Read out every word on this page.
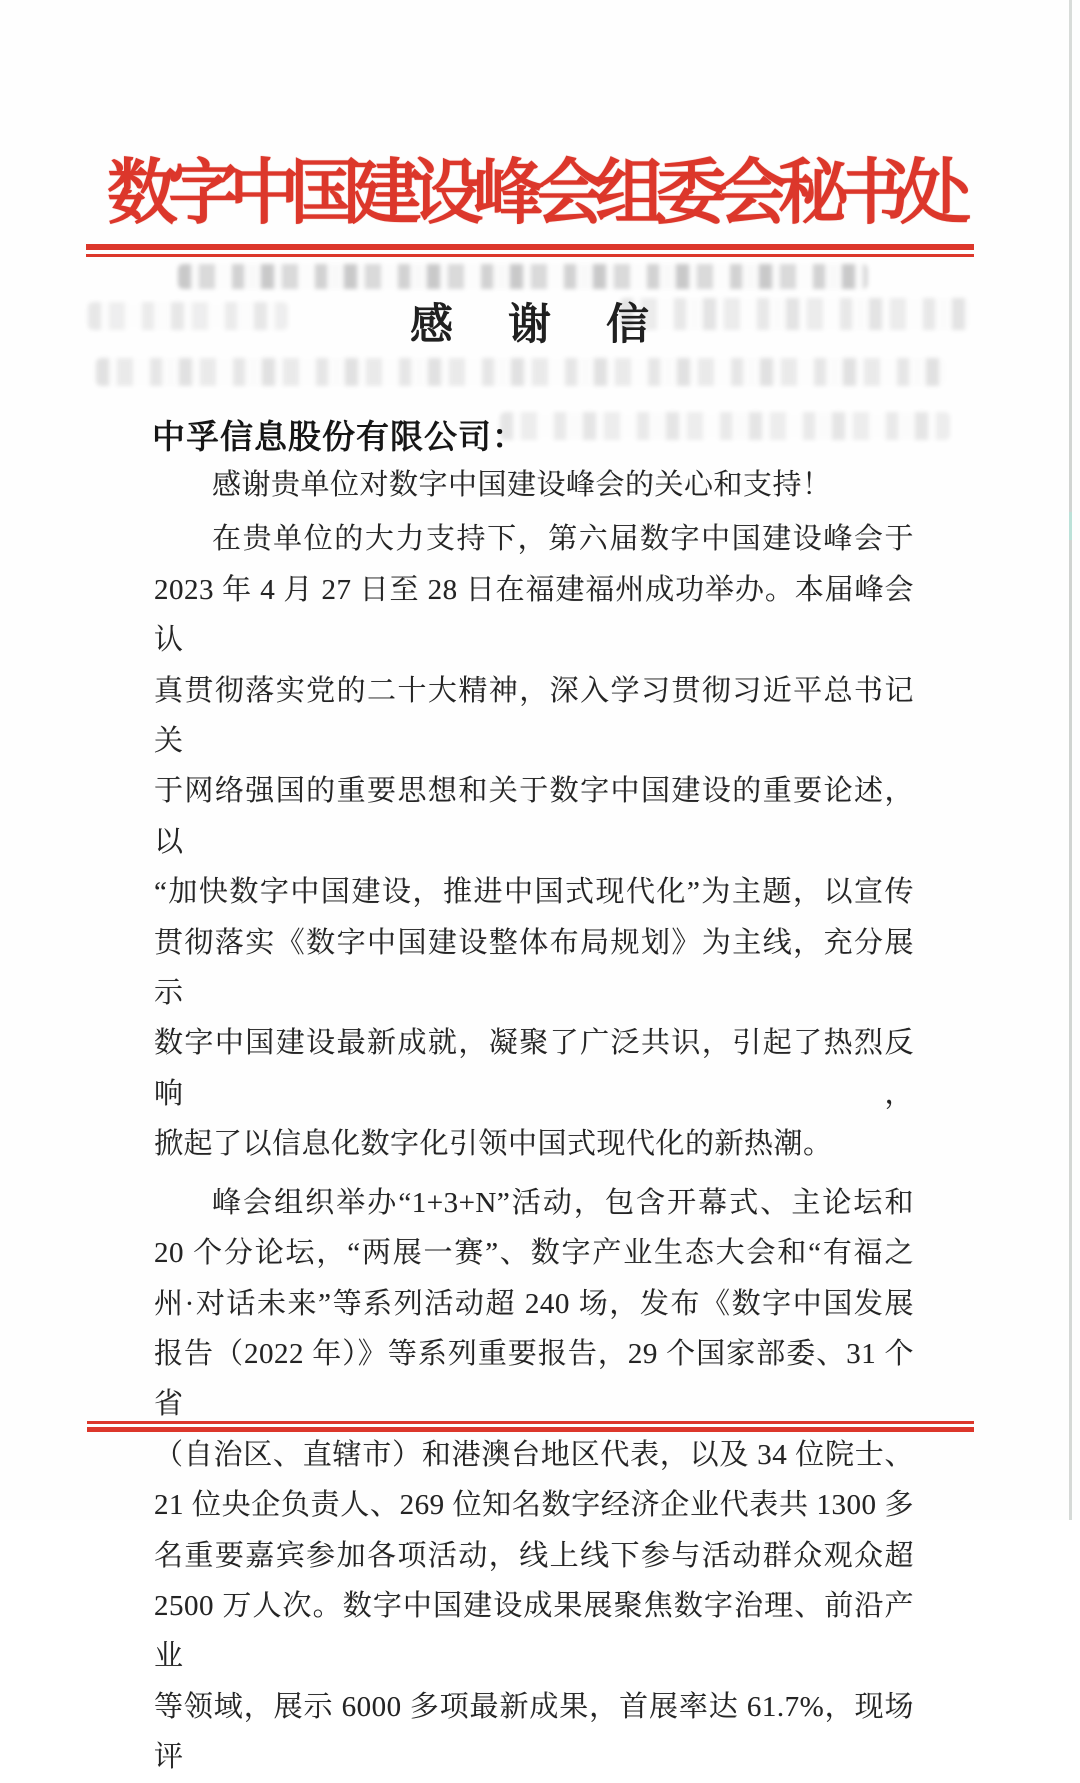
数字中国建设峰会组委会秘书处
感谢信
中孚信息股份有限公司：
感谢贵单位对数字中国建设峰会的关心和支持！
在贵单位的大力支持下，第六届数字中国建设峰会于
2023 年 4 月 27 日至 28 日在福建福州成功举办。本届峰会认
真贯彻落实党的二十大精神，深入学习贯彻习近平总书记关
于网络强国的重要思想和关于数字中国建设的重要论述，以
“加快数字中国建设，推进中国式现代化”为主题，以宣传
贯彻落实《数字中国建设整体布局规划》为主线，充分展示
数字中国建设最新成就，凝聚了广泛共识，引起了热烈反响，
掀起了以信息化数字化引领中国式现代化的新热潮。
峰会组织举办“1+3+N”活动，包含开幕式、主论坛和
20 个分论坛，“两展一赛”、数字产业生态大会和“有福之
州·对话未来”等系列活动超 240 场，发布《数字中国发展
报告（2022 年）》等系列重要报告，29 个国家部委、31 个省
（自治区、直辖市）和港澳台地区代表，以及 34 位院士、
21 位央企负责人、269 位知名数字经济企业代表共 1300 多
名重要嘉宾参加各项活动，线上线下参与活动群众观众超
2500 万人次。数字中国建设成果展聚焦数字治理、前沿产业
等领域，展示 6000 多项最新成果，首展率达 61.7%，现场评
